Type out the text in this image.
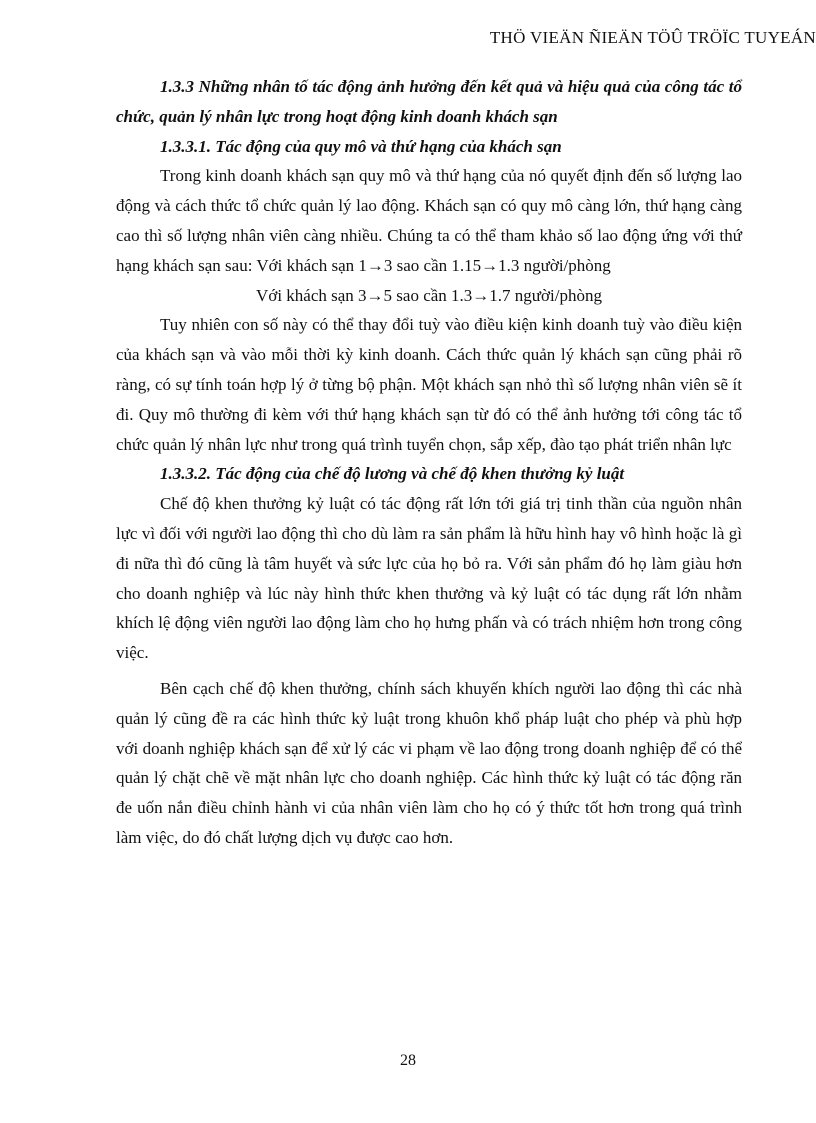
THÖ VIEÄN ÑIEÄN TÖÛ TRÖÏC TUYEÁN

1.3.3 Những nhân tố tác động ảnh hưởng đến kết quả và hiệu quả của công tác tổ chức, quản lý nhân lực trong hoạt động kinh doanh khách sạn

1.3.3.1. Tác động của quy mô và thứ hạng của khách sạn

Trong kinh doanh khách sạn quy mô và thứ hạng của nó quyết định đến số lượng lao động và cách thức tổ chức quản lý lao động. Khách sạn có quy mô càng lớn, thứ hạng càng cao thì số lượng nhân viên càng nhiều. Chúng ta có thể tham khảo số lao động ứng với thứ hạng khách sạn sau: Với khách sạn 1→3 sao cần 1.15→1.3 người/phòng

Với khách sạn 3→5 sao cần 1.3→1.7 người/phòng

Tuy nhiên con số này có thể thay đổi tuỳ vào điều kiện kinh doanh tuỳ vào điều kiện của khách sạn và vào mỗi thời kỳ kinh doanh. Cách thức quản lý khách sạn cũng phải rõ ràng, có sự tính toán hợp lý ở từng bộ phận. Một khách sạn nhỏ thì số lượng nhân viên sẽ ít đi. Quy mô thường đi kèm với thứ hạng khách sạn từ đó có thể ảnh hưởng tới công tác tổ chức quản lý nhân lực như trong quá trình tuyển chọn, sắp xếp, đào tạo phát triển nhân lực

1.3.3.2. Tác động của chế độ lương và chế độ khen thưởng kỷ luật

Chế độ khen thưởng kỷ luật có tác động rất lớn tới giá trị tinh thần của nguồn nhân lực vì đối với người lao động thì cho dù làm ra sản phẩm là hữu hình hay vô hình hoặc là gì đi nữa thì đó cũng là tâm huyết và sức lực của họ bỏ ra. Với sản phẩm đó họ làm giàu hơn cho doanh nghiệp và lúc này hình thức khen thưởng và kỷ luật có tác dụng rất lớn nhằm khích lệ động viên người lao động làm cho họ hưng phấn và có trách nhiệm hơn trong công việc.

Bên cạch chế độ khen thưởng, chính sách khuyến khích người lao động thì các nhà quản lý cũng đề ra các hình thức kỷ luật trong khuôn khổ pháp luật cho phép và phù hợp với doanh nghiệp khách sạn để xử lý các vi phạm về lao động trong doanh nghiệp để có thể quản lý chặt chẽ về mặt nhân lực cho doanh nghiệp. Các hình thức kỷ luật có tác động răn đe uốn nắn điều chỉnh hành vi của nhân viên làm cho họ có ý thức tốt hơn trong quá trình làm việc, do đó chất lượng dịch vụ được cao hơn.

28
